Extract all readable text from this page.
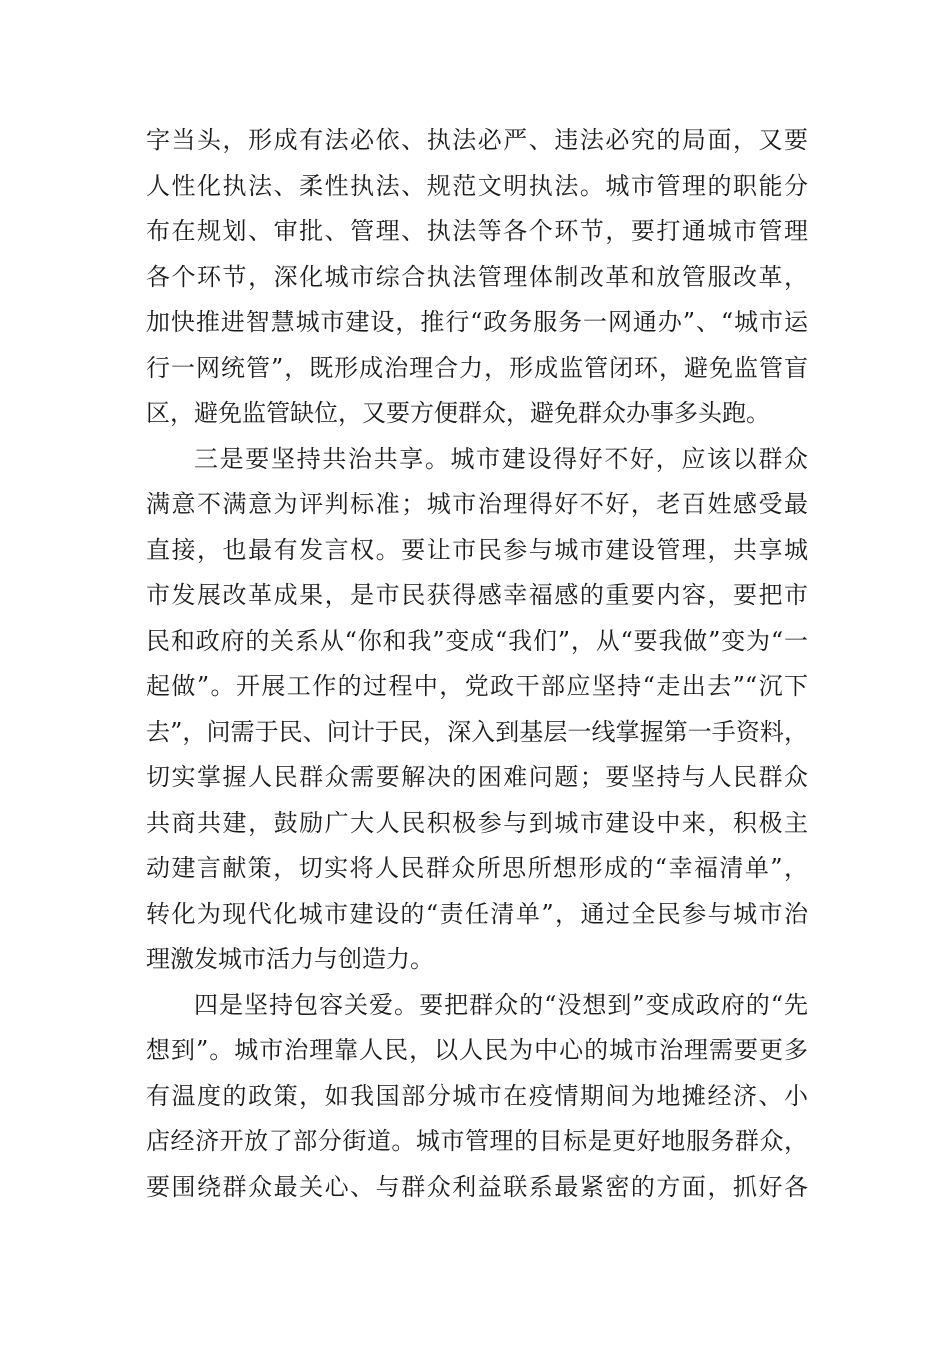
字当头，形成有法必依、执法必严、违法必究的局面，又要
人性化执法、柔性执法、规范文明执法。城市管理的职能分
布在规划、审批、管理、执法等各个环节，要打通城市管理
各个环节，深化城市综合执法管理体制改革和放管服改革，
加快推进智慧城市建设，推行“政务服务一网通办”、“城市运
行一网统管”，既形成治理合力，形成监管闭环，避免监管盲
区，避免监管缺位，又要方便群众，避免群众办事多头跑。
三是要坚持共治共享。城市建设得好不好，应该以群众
满意不满意为评判标准；城市治理得好不好，老百姓感受最
直接，也最有发言权。要让市民参与城市建设管理，共享城
市发展改革成果，是市民获得感幸福感的重要内容，要把市
民和政府的关系从“你和我”变成“我们”，从“要我做”变为“一
起做”。开展工作的过程中，党政干部应坚持“走出去”“沉下
去”，问需于民、问计于民，深入到基层一线掌握第一手资料，
切实掌握人民群众需要解决的困难问题；要坚持与人民群众
共商共建，鼓励广大人民积极参与到城市建设中来，积极主
动建言献策，切实将人民群众所思所想形成的“幸福清单”，
转化为现代化城市建设的“责任清单”，通过全民参与城市治
理激发城市活力与创造力。
四是坚持包容关爱。要把群众的“没想到”变成政府的“先
想到”。城市治理靠人民，以人民为中心的城市治理需要更多
有温度的政策，如我国部分城市在疫情期间为地摊经济、小
店经济开放了部分街道。城市管理的目标是更好地服务群众，
要围绕群众最关心、与群众利益联系最紧密的方面，抓好各
